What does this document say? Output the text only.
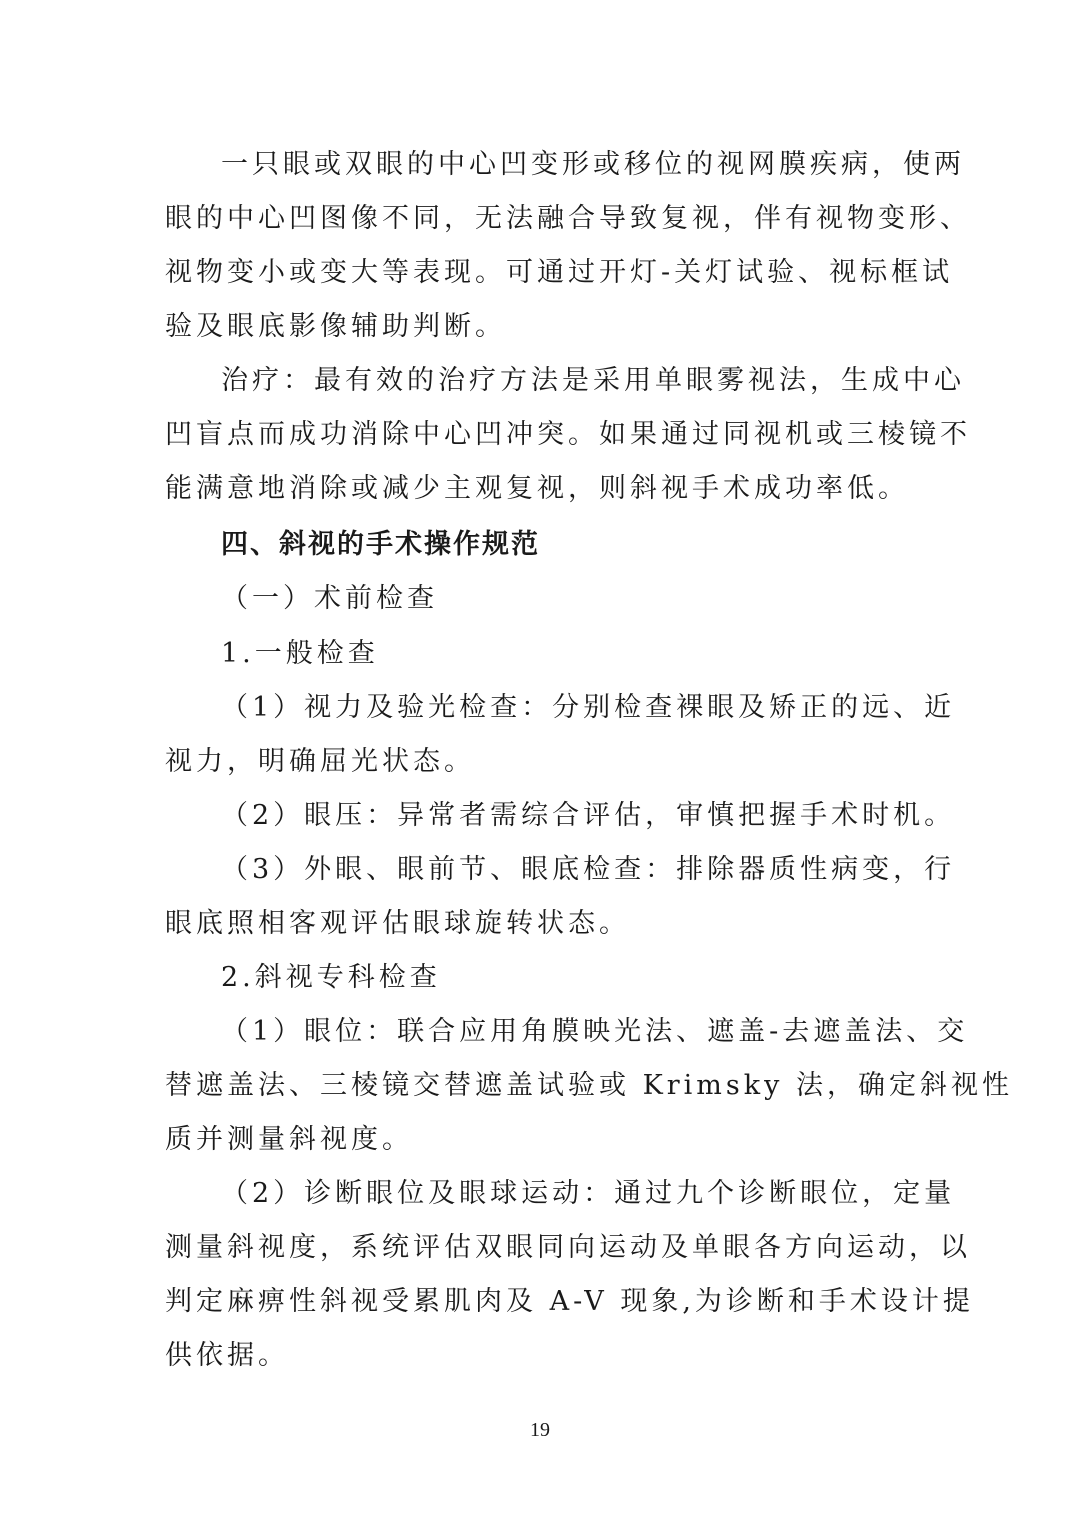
一只眼或双眼的中心凹变形或移位的视网膜疾病，使两

眼的中心凹图像不同，无法融合导致复视，伴有视物变形、

视物变小或变大等表现。可通过开灯-关灯试验、视标框试

验及眼底影像辅助判断。

治疗：最有效的治疗方法是采用单眼雾视法，生成中心

凹盲点而成功消除中心凹冲突。如果通过同视机或三棱镜不

能满意地消除或减少主观复视，则斜视手术成功率低。

四、斜视的手术操作规范

（一）术前检查

1.一般检查

（1）视力及验光检查：分别检查裸眼及矫正的远、近

视力，明确屈光状态。

（2）眼压：异常者需综合评估，审慎把握手术时机。

（3）外眼、眼前节、眼底检查：排除器质性病变，行

眼底照相客观评估眼球旋转状态。

2.斜视专科检查

（1）眼位：联合应用角膜映光法、遮盖-去遮盖法、交

替遮盖法、三棱镜交替遮盖试验或 Krimsky 法，确定斜视性

质并测量斜视度。

（2）诊断眼位及眼球运动：通过九个诊断眼位，定量

测量斜视度，系统评估双眼同向运动及单眼各方向运动，以

判定麻痹性斜视受累肌肉及 A-V 现象,为诊断和手术设计提

供依据。

19
